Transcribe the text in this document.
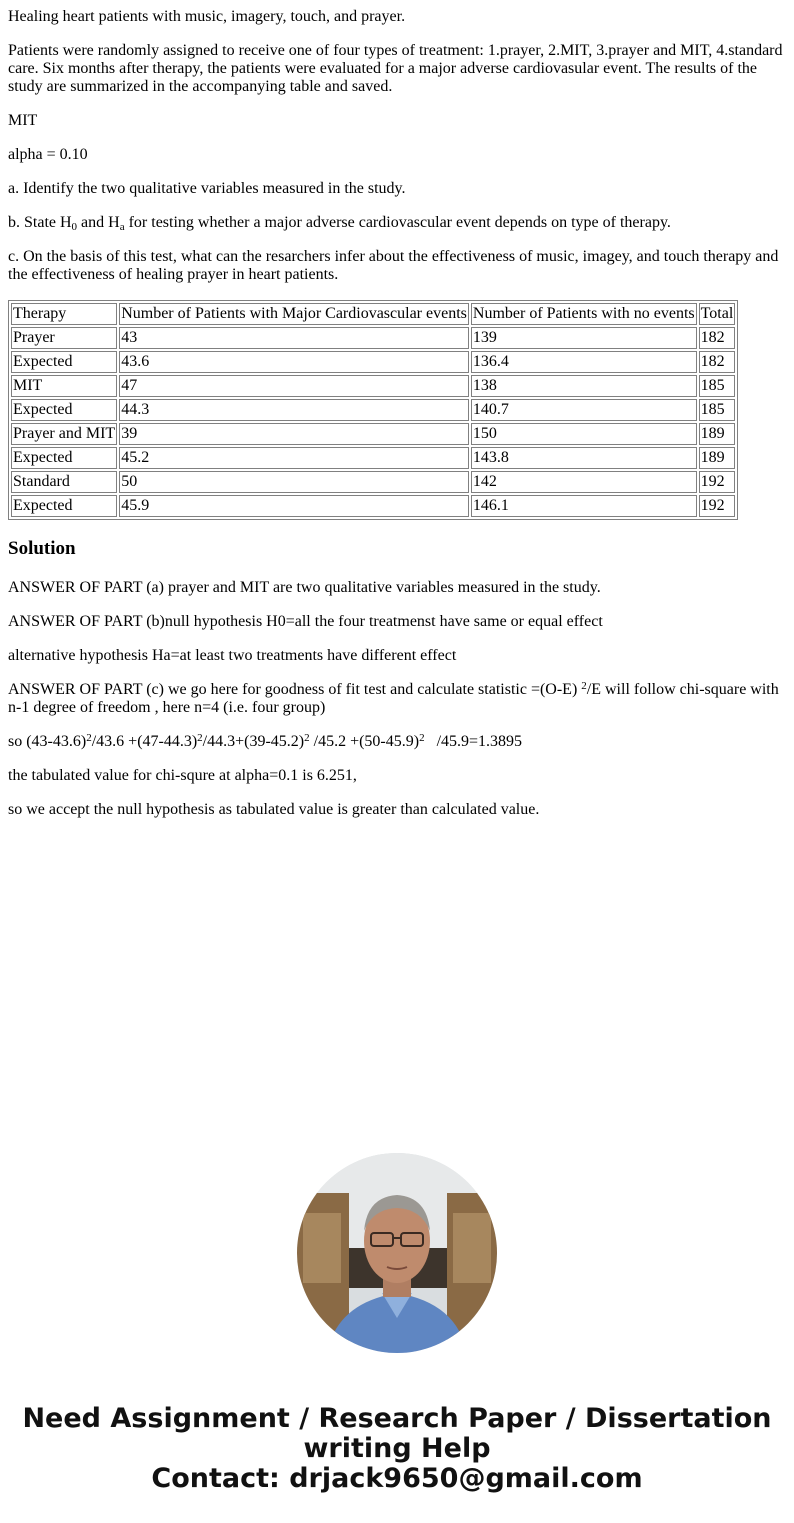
Healing heart patients with music, imagery, touch, and prayer.

Patients were randomly assigned to receive one of four types of treatment: 1.prayer, 2.MIT, 3.prayer and MIT, 4.standard care. Six months after therapy, the patients were evaluated for a major adverse cardiovasular event. The results of the study are summarized in the accompanying table and saved.

MIT

alpha = 0.10

a. Identify the two qualitative variables measured in the study.

b. State $H_0$ and $H_a$ for testing whether a major adverse cardiovascular event depends on type of therapy.

c. On the basis of this test, what can the resarchers infer about the effectiveness of music, imagey, and touch therapy and the effectiveness of healing prayer in heart patients.

Therapy	Number of Patients with Major Cardiovascular events	Number of Patients with no events	Total
Prayer	43	139	182
Expected	43.6	136.4	182
MIT	47	138	185
Expected	44.3	140.7	185
Prayer and MIT	39	150	189
Expected	45.2	143.8	189
Standard	50	142	192
Expected	45.9	146.1	192
Solution

ANSWER OF PART (a) prayer and MIT are two qualitative variables measured in the study.

ANSWER OF PART (b)null hypothesis H0=all the four treatmenst have same or equal effect

alternative hypothesis Ha=at least two treatments have different effect

ANSWER OF PART (c) we go here for goodness of fit test and calculate statistic =(O-E) $^2$/E will follow chi-square with n-1 degree of freedom , here n=4 (i.e. four group)

so $(43-43.6)^2/43.6 +(47-44.3)^2/44.3+(39-45.2)^2$ $/45.2 +(50-45.9)^2$   /45.9=1.3895

the tabulated value for chi-squre at alpha=0.1 is 6.251,

so we accept the null hypothesis as tabulated value is greater than calculated value.

Need Assignment / Research Paper / Dissertation
writing Help
Contact: drjack9650@gmail.com
